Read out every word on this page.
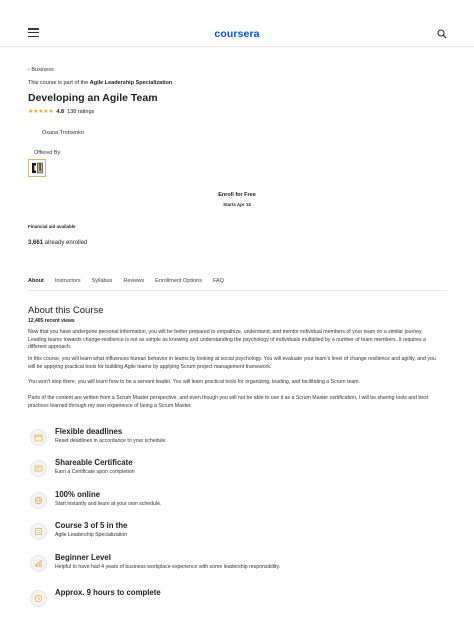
coursera
‹ Business
This course is part of the Agile Leadership Specialization
Developing an Agile Team
★★★★★ 4.8 138 ratings
Oxana Trotsenko
Offered By
Enroll for Free
Starts Apr 14
Financial aid available
3,661 already enrolled
About Instructors Syllabus Reviews Enrollment Options FAQ
About this Course
12,405 recent views
Now that you have undergone personal information, you will be better prepared to empathize, understand, and mentor individual members of your team on a similar journey. Leading teams towards change-resilience is not as simple as knowing and understanding the psychology of individuals multiplied by a number of team members. It requires a different approach.
In this course, you will learn what influences human behavior in teams by looking at social psychology. You will evaluate your team’s level of change resilience and agility, and you will be applying practical tools for building Agile teams by applying Scrum project management framework.
You won’t stop there, you will learn how to be a servant leader. You will learn practical tools for organizing, leading, and facilitating a Scrum team.
Parts of the content are written from a Scrum Master perspective, and even though you will not be able to use it as a Scrum Master certification, I will be sharing tools and best practices learned through my own experience of being a Scrum Master.
Flexible deadlines
Reset deadlines in accordance to your schedule.
Shareable Certificate
Earn a Certificate upon completion
100% online
Start instantly and learn at your own schedule.
Course 3 of 5 in the
Agile Leadership Specialization
Beginner Level
Helpful to have had 4 years of business workplace experience with some leadership responsibility.
Approx. 9 hours to complete
